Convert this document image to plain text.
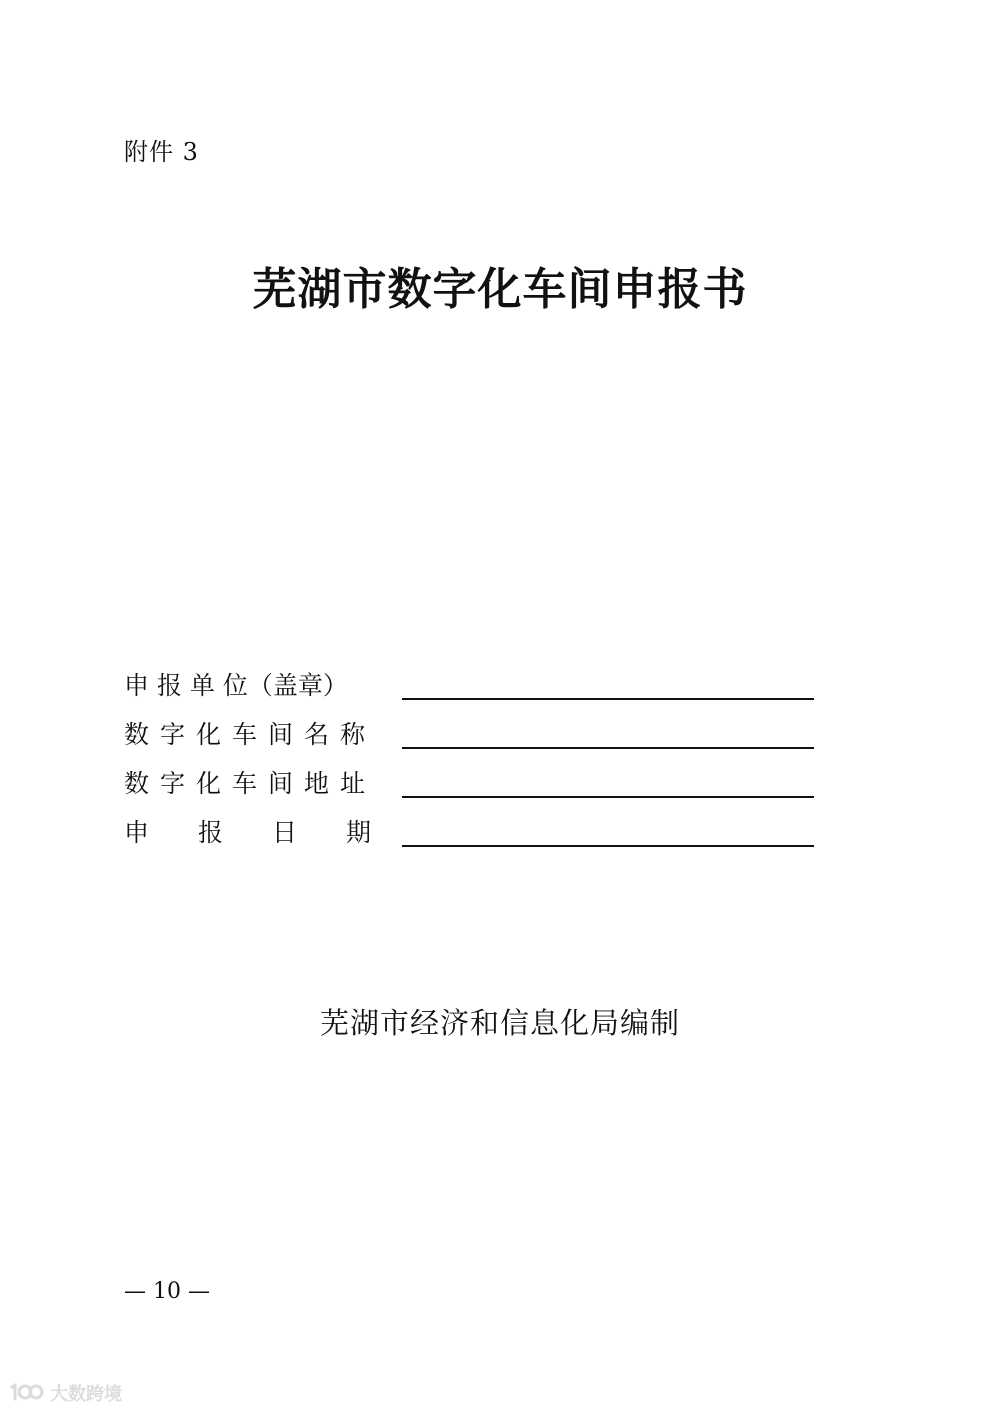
附件 3
芜湖市数字化车间申报书
申 报 单 位（盖章）
数字化车间名称
数字化车间地址
申报日期
芜湖市经济和信息化局编制
— 10 —
大数跨境
